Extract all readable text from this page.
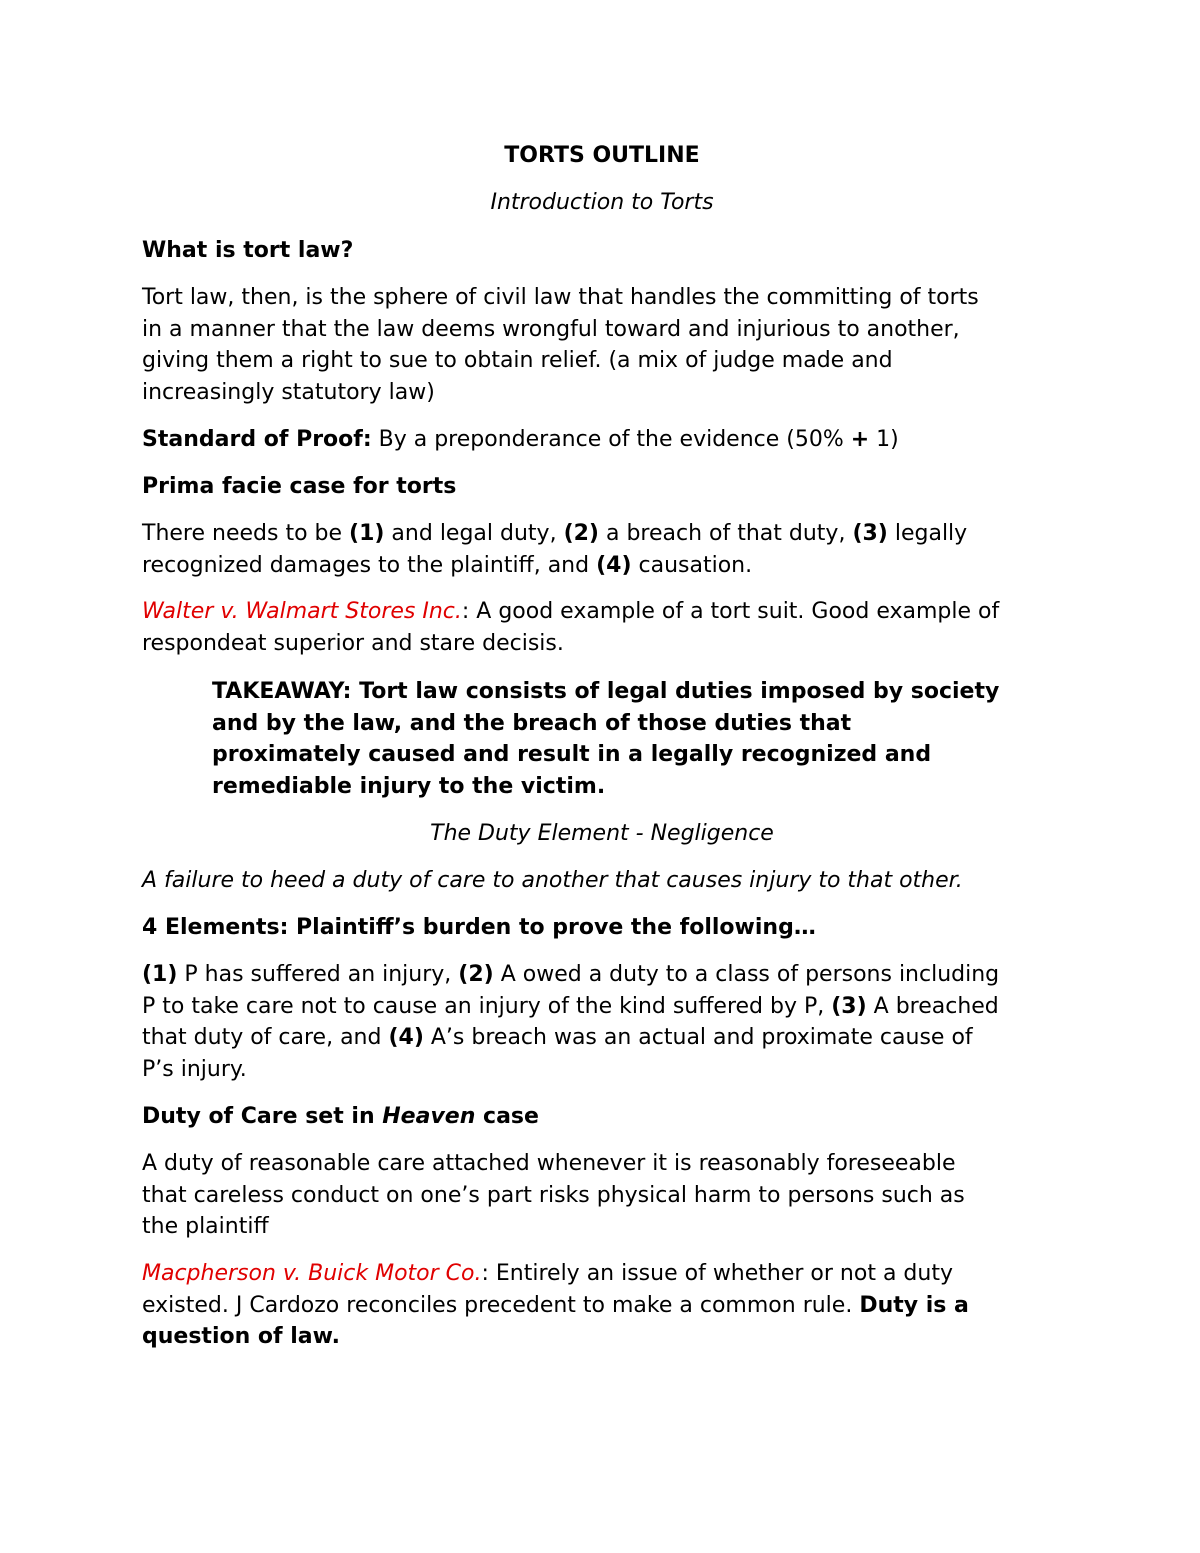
TORTS OUTLINE

Introduction to Torts

What is tort law?

Tort law, then, is the sphere of civil law that handles the committing of torts
in a manner that the law deems wrongful toward and injurious to another,
giving them a right to sue to obtain relief. (a mix of judge made and
increasingly statutory law)

Standard of Proof: By a preponderance of the evidence (50% + 1)

Prima facie case for torts

There needs to be (1) and legal duty, (2) a breach of that duty, (3) legally
recognized damages to the plaintiff, and (4) causation.

Walter v. Walmart Stores Inc.: A good example of a tort suit. Good example of
respondeat superior and stare decisis.

TAKEAWAY: Tort law consists of legal duties imposed by society
and by the law, and the breach of those duties that
proximately caused and result in a legally recognized and
remediable injury to the victim.

The Duty Element - Negligence

A failure to heed a duty of care to another that causes injury to that other.

4 Elements: Plaintiff’s burden to prove the following…

(1) P has suffered an injury, (2) A owed a duty to a class of persons including
P to take care not to cause an injury of the kind suffered by P, (3) A breached
that duty of care, and (4) A’s breach was an actual and proximate cause of
P’s injury.

Duty of Care set in Heaven case

A duty of reasonable care attached whenever it is reasonably foreseeable
that careless conduct on one’s part risks physical harm to persons such as
the plaintiff

Macpherson v. Buick Motor Co.: Entirely an issue of whether or not a duty
existed. J Cardozo reconciles precedent to make a common rule. Duty is a
question of law.
